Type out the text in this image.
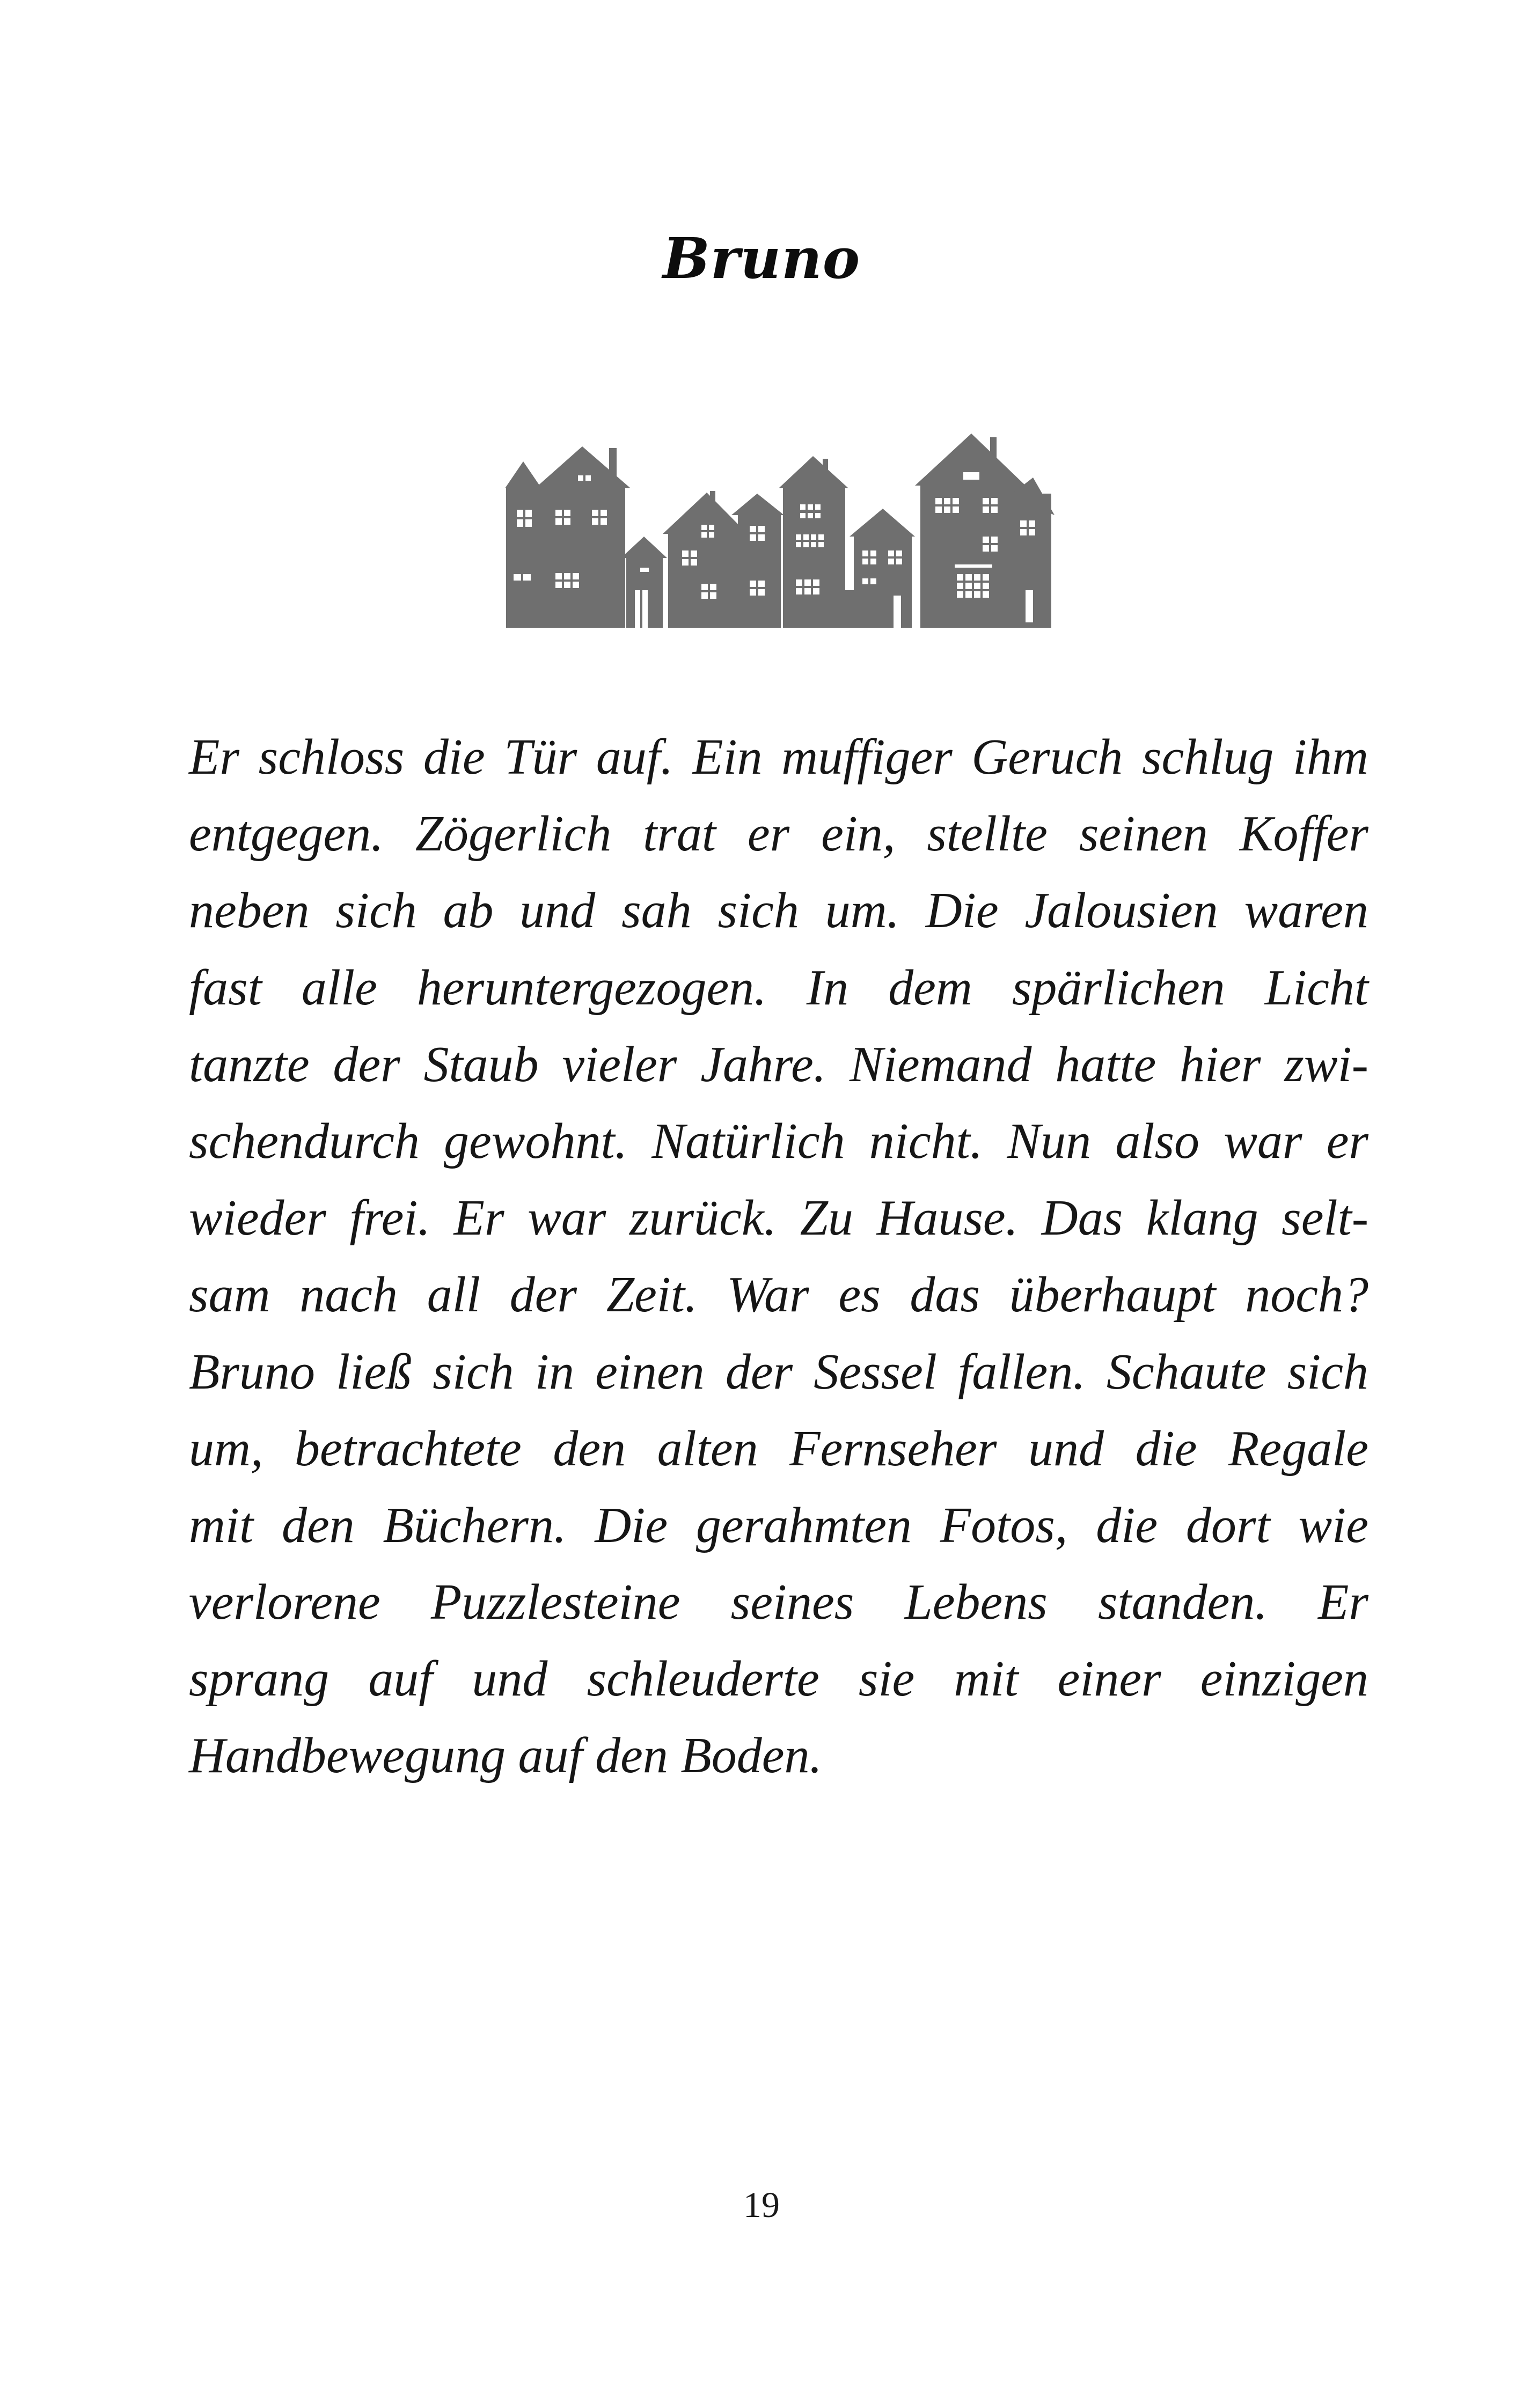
Bruno
Er schloss die Tür auf. Ein muffiger Geruch schlug ihm
entgegen. Zögerlich trat er ein, stellte seinen Koffer
neben sich ab und sah sich um. Die Jalousien waren
fast alle heruntergezogen. In dem spärlichen Licht
tanzte der Staub vieler Jahre. Niemand hatte hier zwi-
schendurch gewohnt. Natürlich nicht. Nun also war er
wieder frei. Er war zurück. Zu Hause. Das klang selt-
sam nach all der Zeit. War es das überhaupt noch?
Bruno ließ sich in einen der Sessel fallen. Schaute sich
um, betrachtete den alten Fernseher und die Regale
mit den Büchern. Die gerahmten Fotos, die dort wie
verlorene Puzzlesteine seines Lebens standen. Er
sprang auf und schleuderte sie mit einer einzigen
Handbewegung auf den Boden.
19
